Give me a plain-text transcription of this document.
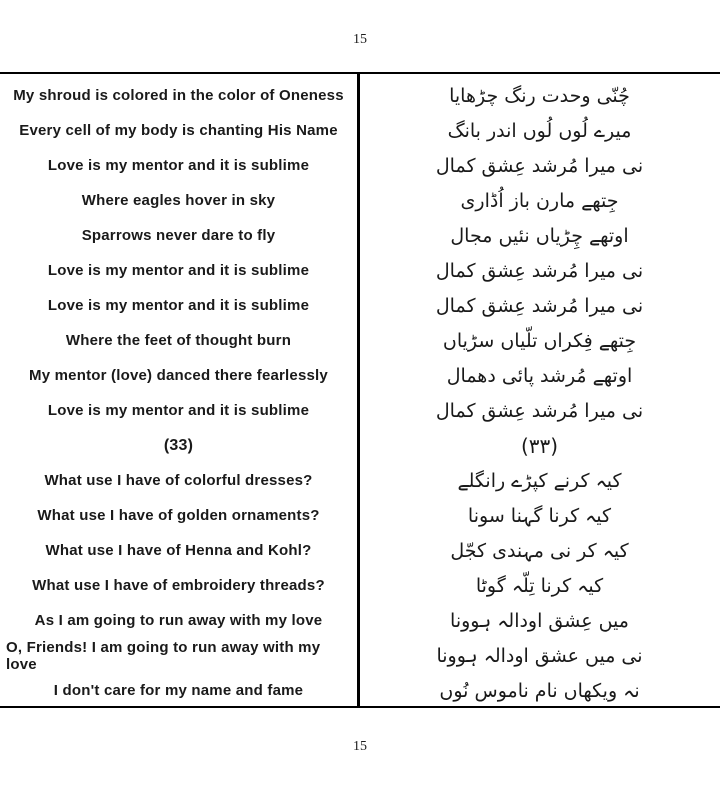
15
My shroud is colored in the color of Oneness	چُنّی وحدت رنگ چڑھایا
Every cell of my body is chanting His Name	میرے لُوں لُوں اندر بانگ
Love is my mentor and it is sublime	نی میرا مُرشد عِشق کمال
Where eagles hover in sky	جِتھے مارن باز اُڈاری
Sparrows never dare to fly	اوتھے چِڑیاں نئیں مجال
Love is my mentor and it is sublime	نی میرا مُرشد عِشق کمال
Love is my mentor and it is sublime	نی میرا مُرشد عِشق کمال
Where the feet of thought burn	جِتھے فِکراں تلّیاں سڑیاں
My mentor (love) danced there fearlessly	اوتھے مُرشد پائی دھمال
Love is my mentor and it is sublime	نی میرا مُرشد عِشق کمال
(33)	(۳۳)
What use I have of colorful dresses?	کیہ کرنے کپڑے رانگلے
What use I have of golden ornaments?	کیہ کرنا گہنا سونا
What use I have of Henna and Kohl?	کیہ کر نی مہندی کجّل
What use I have of embroidery threads?	کیہ کرنا تِلّہ گوٹا
As I am going to run away with my love	میں عِشق اودالہ ہوونا
O, Friends! I am going to run away with my love	نی میں عشق اودالہ ہوونا
I don't care for my name and fame	نہ ویکھاں نام ناموس نُوں
15
